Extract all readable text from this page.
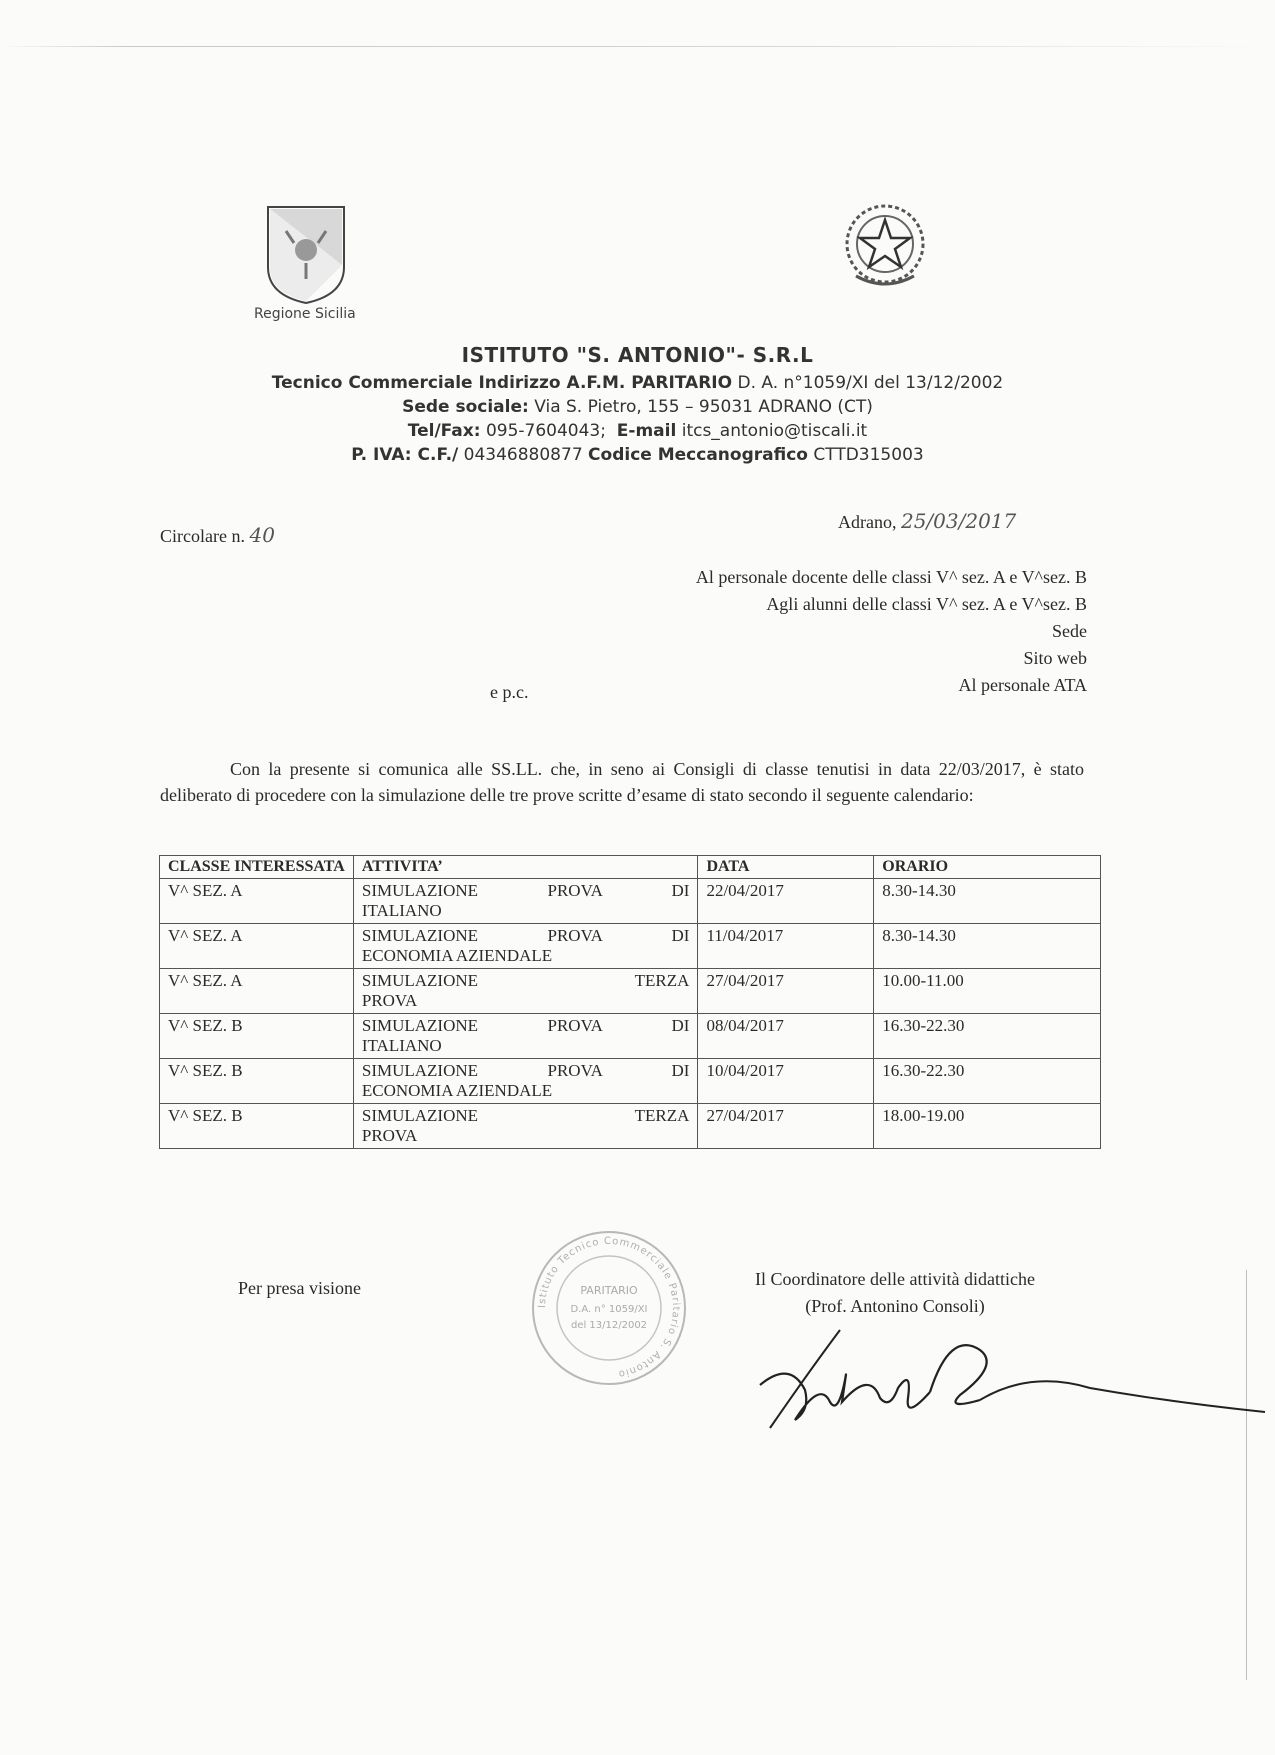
Regione Sicilia
ISTITUTO "S. ANTONIO"- S.R.L
Tecnico Commerciale Indirizzo A.F.M. PARITARIO D. A. n°1059/XI del 13/12/2002
Sede sociale: Via S. Pietro, 155 – 95031 ADRANO (CT)
Tel/Fax: 095-7604043; E-mail itcs_antonio@tiscali.it
P. IVA: C.F./ 04346880877 Codice Meccanografico CTTD315003
Circolare n. 40
Adrano, 25/03/2017
Al personale docente delle classi V^ sez. A e V^sez. B
Agli alunni delle classi V^ sez. A e V^sez. B
Sede
Sito web
Al personale ATA
e p.c.
Con la presente si comunica alle SS.LL. che, in seno ai Consigli di classe tenutisi in data 22/03/2017, è stato deliberato di procedere con la simulazione delle tre prove scritte d’esame di stato secondo il seguente calendario:
CLASSE INTERESSATA	ATTIVITA’	DATA	ORARIO
V^ SEZ. A	SIMULAZIONE PROVA DI
ITALIANO	22/04/2017	8.30-14.30
V^ SEZ. A	SIMULAZIONE PROVA DI
ECONOMIA AZIENDALE	11/04/2017	8.30-14.30
V^ SEZ. A	SIMULAZIONE TERZA
PROVA	27/04/2017	10.00-11.00
V^ SEZ. B	SIMULAZIONE PROVA DI
ITALIANO	08/04/2017	16.30-22.30
V^ SEZ. B	SIMULAZIONE PROVA DI
ECONOMIA AZIENDALE	10/04/2017	16.30-22.30
V^ SEZ. B	SIMULAZIONE TERZA
PROVA	27/04/2017	18.00-19.00
Per presa visione	Il Coordinatore delle attività didattiche
(Prof. Antonino Consoli)
Istituto Tecnico Commerciale Paritario S. Antonio
PARITARIO
D.A. n° 1059/XI
del 13/12/2002
